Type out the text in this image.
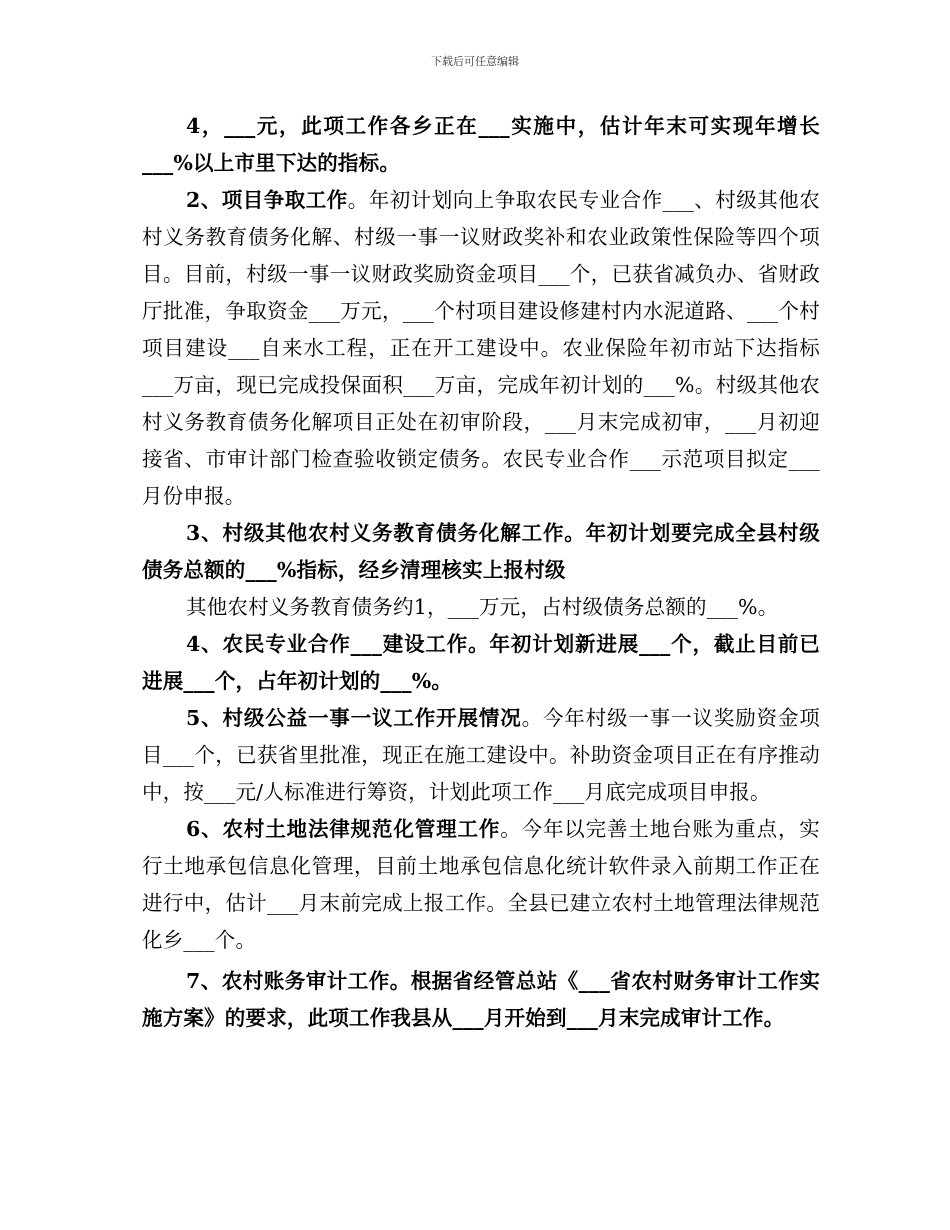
下载后可任意编辑

4，___元，此项工作各乡正在___实施中，估计年末可实现年增长___%以上市里下达的指标。

2、项目争取工作。年初计划向上争取农民专业合作___、村级其他农村义务教育债务化解、村级一事一议财政奖补和农业政策性保险等四个项目。目前，村级一事一议财政奖励资金项目___个，已获省减负办、省财政厅批准，争取资金___万元，___个村项目建设修建村内水泥道路、___个村项目建设___自来水工程，正在开工建设中。农业保险年初市站下达指标___万亩，现已完成投保面积___万亩，完成年初计划的___%。村级其他农村义务教育债务化解项目正处在初审阶段，___月末完成初审，___月初迎接省、市审计部门检查验收锁定债务。农民专业合作___示范项目拟定___月份申报。

3、村级其他农村义务教育债务化解工作。年初计划要完成全县村级债务总额的___%指标，经乡清理核实上报村级

其他农村义务教育债务约1，___万元，占村级债务总额的___%。

4、农民专业合作___建设工作。年初计划新进展___个，截止目前已进展___个，占年初计划的___%。

5、村级公益一事一议工作开展情况。今年村级一事一议奖励资金项目___个，已获省里批准，现正在施工建设中。补助资金项目正在有序推动中，按___元/人标准进行筹资，计划此项工作___月底完成项目申报。

6、农村土地法律规范化管理工作。今年以完善土地台账为重点，实行土地承包信息化管理，目前土地承包信息化统计软件录入前期工作正在进行中，估计___月末前完成上报工作。全县已建立农村土地管理法律规范化乡___个。

7、农村账务审计工作。根据省经管总站《___省农村财务审计工作实施方案》的要求，此项工作我县从___月开始到___月末完成审计工作。
